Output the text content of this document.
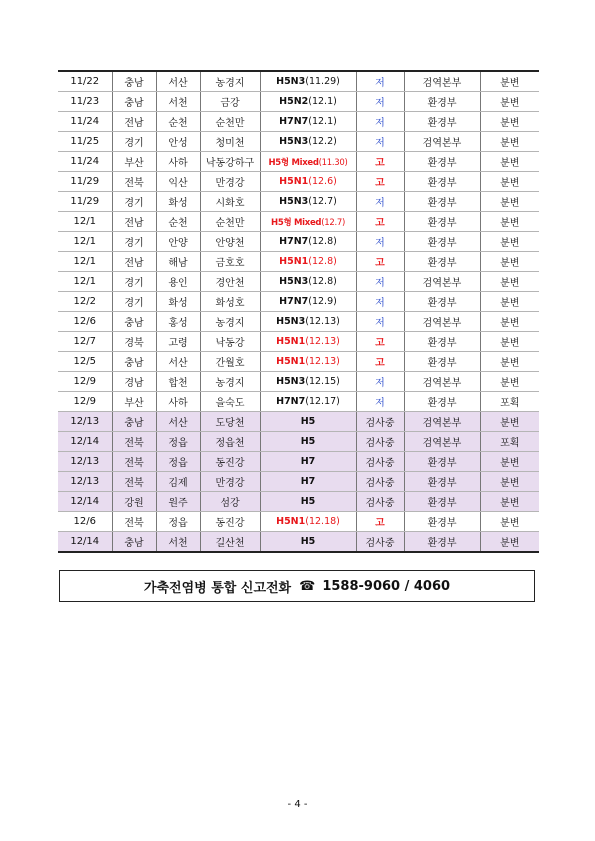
11/22	충남	서산	농경지	H5N3(11.29)	저	검역본부	분변
11/23	충남	서천	금강	H5N2(12.1)	저	환경부	분변
11/24	전남	순천	순천만	H7N7(12.1)	저	환경부	분변
11/25	경기	안성	청미천	H5N3(12.2)	저	검역본부	분변
11/24	부산	사하	낙동강하구	H5형 Mixed(11.30)	고	환경부	분변
11/29	전북	익산	만경강	H5N1(12.6)	고	환경부	분변
11/29	경기	화성	시화호	H5N3(12.7)	저	환경부	분변
12/1	전남	순천	순천만	H5형 Mixed(12.7)	고	환경부	분변
12/1	경기	안양	안양천	H7N7(12.8)	저	환경부	분변
12/1	전남	해남	금호호	H5N1(12.8)	고	환경부	분변
12/1	경기	용인	경안천	H5N3(12.8)	저	검역본부	분변
12/2	경기	화성	화성호	H7N7(12.9)	저	환경부	분변
12/6	충남	홍성	농경지	H5N3(12.13)	저	검역본부	분변
12/7	경북	고령	낙동강	H5N1(12.13)	고	환경부	분변
12/5	충남	서산	간월호	H5N1(12.13)	고	환경부	분변
12/9	경남	합천	농경지	H5N3(12.15)	저	검역본부	분변
12/9	부산	사하	을숙도	H7N7(12.17)	저	환경부	포획
12/13	충남	서산	도당천	H5	검사중	검역본부	분변
12/14	전북	정읍	정읍천	H5	검사중	검역본부	포획
12/13	전북	정읍	동진강	H7	검사중	환경부	분변
12/13	전북	김제	만경강	H7	검사중	환경부	분변
12/14	강원	원주	섬강	H5	검사중	환경부	분변
12/6	전북	정읍	동진강	H5N1(12.18)	고	환경부	분변
12/14	충남	서천	길산천	H5	검사중	환경부	분변
가축전염병 통합 신고전화 ☎ 1588-9060 / 4060
- 4 -
